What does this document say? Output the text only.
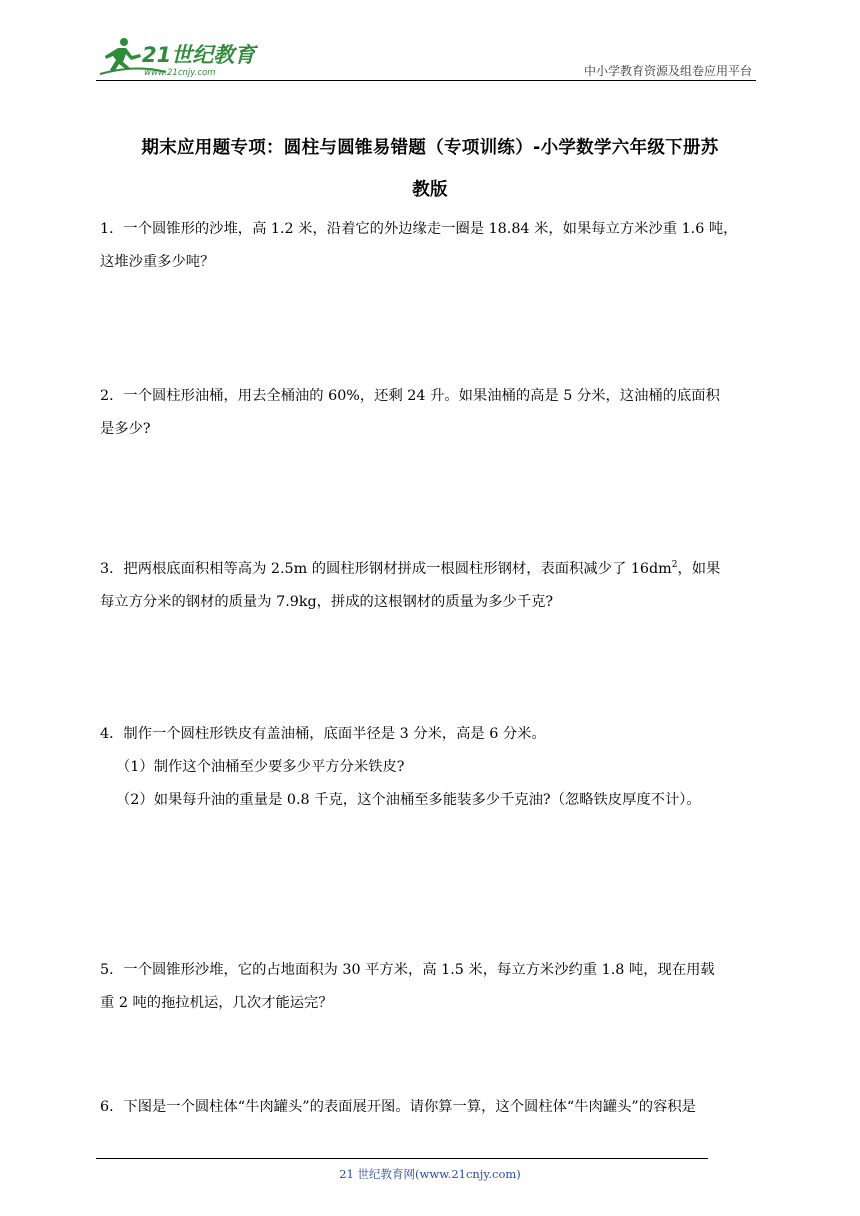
21世纪教育
www.21cnjy.com	中小学教育资源及组卷应用平台
期末应用题专项：圆柱与圆锥易错题（专项训练）-小学数学六年级下册苏
教版

1．一个圆锥形的沙堆，高 1.2 米，沿着它的外边缘走一圈是 18.84 米，如果每立方米沙重 1.6 吨，

这堆沙重多少吨？

2．一个圆柱形油桶，用去全桶油的 60%，还剩 24 升。如果油桶的高是 5 分米，这油桶的底面积

是多少?

3．把两根底面积相等高为 2.5m 的圆柱形钢材拼成一根圆柱形钢材，表面积减少了 $16dm^2$，如果

每立方分米的钢材的质量为 7.9kg，拼成的这根钢材的质量为多少千克?

4．制作一个圆柱形铁皮有盖油桶，底面半径是 3 分米，高是 6 分米。

（1）制作这个油桶至少要多少平方分米铁皮?

（2）如果每升油的重量是 0.8 千克，这个油桶至多能装多少千克油?（忽略铁皮厚度不计）。

5．一个圆锥形沙堆，它的占地面积为 30 平方米，高 1.5 米，每立方米沙约重 1.8 吨，现在用载

重 2 吨的拖拉机运，几次才能运完？

6．下图是一个圆柱体“牛肉罐头”的表面展开图。请你算一算，这个圆柱体“牛肉罐头”的容积是

21 世纪教育网(www.21cnjy.com)
